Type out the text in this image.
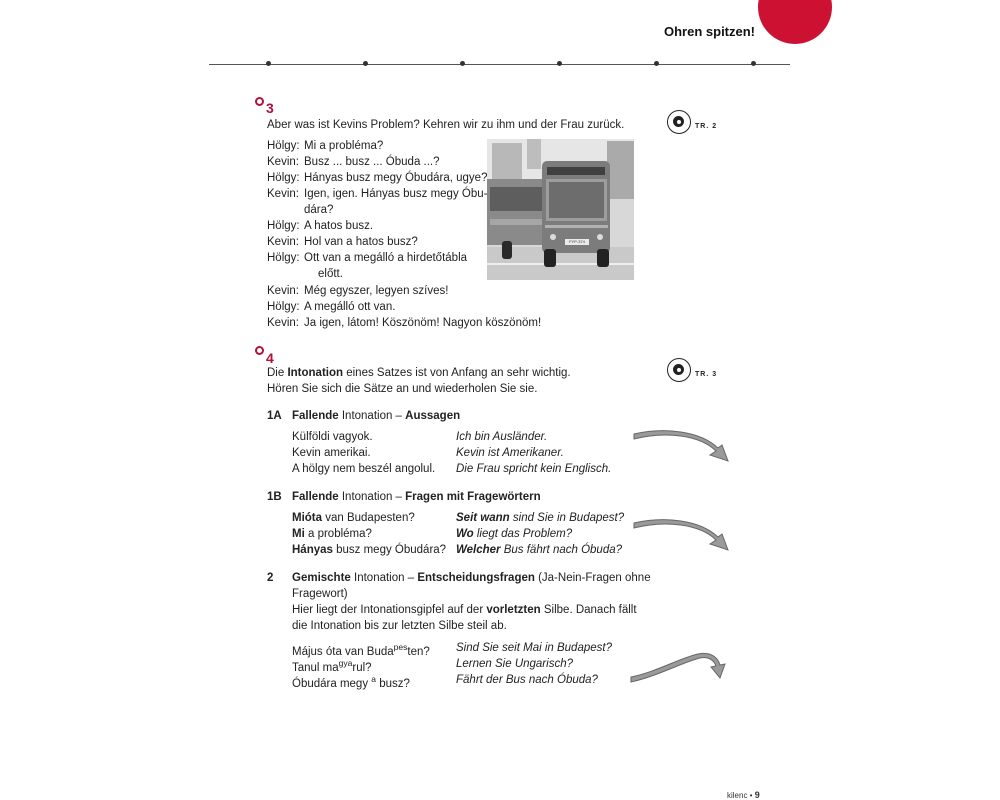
Ohren spitzen!
3
Aber was ist Kevins Problem? Kehren wir zu ihm und der Frau zurück.	TR. 2
Hölgy: Mi a probléma?
Kevin: Busz ... busz ... Óbuda ...?
Hölgy: Hányas busz megy Óbudára, ugye?
Kevin: Igen, igen. Hányas busz megy Óbu-
dára?
Hölgy: A hatos busz.
Kevin: Hol van a hatos busz?
Hölgy: Ott van a megálló a hirdetőtábla
előtt.
Kevin: Még egyszer, legyen szíves!
Hölgy: A megálló ott van.
Kevin: Ja igen, látom! Köszönöm! Nagyon köszönöm!
FYP-374
4
Die Intonation eines Satzes ist von Anfang an sehr wichtig.
Hören Sie sich die Sätze an und wiederholen Sie sie.
TR. 3
1A Fallende Intonation – Aussagen
Külföldi vagyok.	Ich bin Ausländer.
Kevin amerikai.	Kevin ist Amerikaner.
A hölgy nem beszél angolul. Die Frau spricht kein Englisch.
1B Fallende Intonation – Fragen mit Fragewörtern
Mióta van Budapesten?	Seit wann sind Sie in Budapest?
Mi a probléma?	Wo liegt das Problem?
Hányas busz megy Óbudára? Welcher Bus fährt nach Óbuda?
2 Gemischte Intonation – Entscheidungsfragen (Ja-Nein-Fragen ohne
Fragewort)
Hier liegt der Intonationsgipfel auf der vorletzten Silbe. Danach fällt
die Intonation bis zur letzten Silbe steil ab.
Május óta van Buda$^{pes}$ten? Sind Sie seit Mai in Budapest?
Tanul $ma^{gya}rul$?	Lernen Sie Ungarisch?
Óbudára megy $^a$ busz?	Fährt der Bus nach Óbuda?
kilenc • 9
